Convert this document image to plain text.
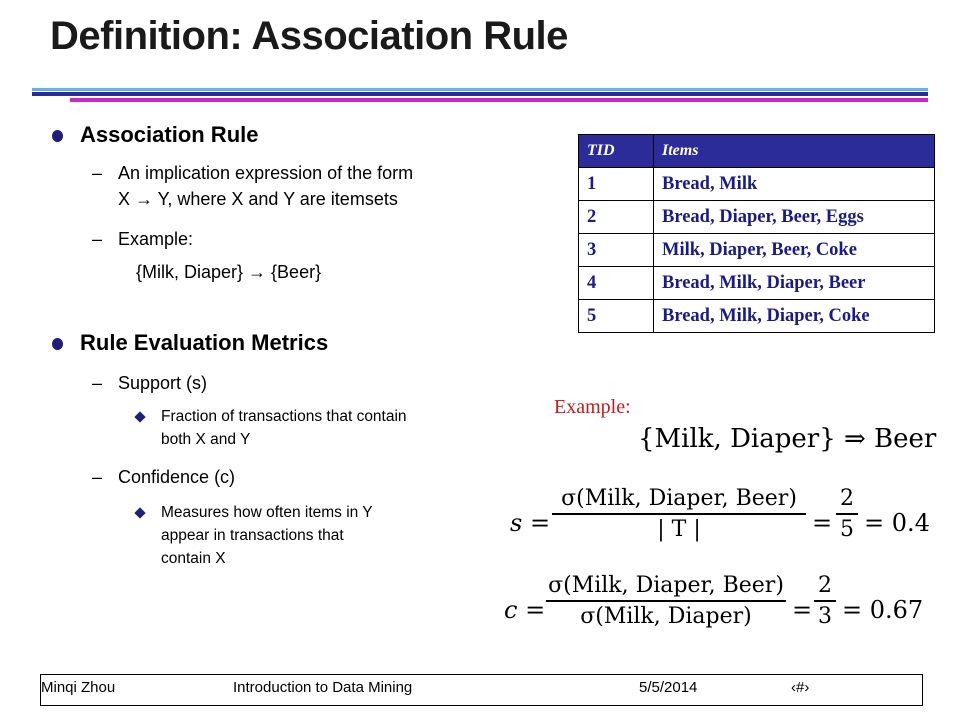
Definition: Association Rule
Association Rule
– An implication expression of the form
X → Y, where X and Y are itemsets
– Example:
{Milk, Diaper} → {Beer}
Rule Evaluation Metrics
– Support (s)
Fraction of transactions that contain
both X and Y
– Confidence (c)
Measures how often items in Y
appear in transactions that
contain X
TID	Items
1	Bread, Milk
2	Bread, Diaper, Beer, Eggs
3	Milk, Diaper, Beer, Coke
4	Bread, Milk, Diaper, Beer
5	Bread, Milk, Diaper, Coke
Example:
{Milk, Diaper} ⇒ Beer
s =
σ(Milk, Diaper, Beer)
| T |	=
2
5 = 0.4
c =
σ(Milk, Diaper, Beer)
σ(Milk, Diaper)	=
2
3 = 0.67
Minqi Zhou	Introduction to Data Mining	5/5/2014	‹#›
